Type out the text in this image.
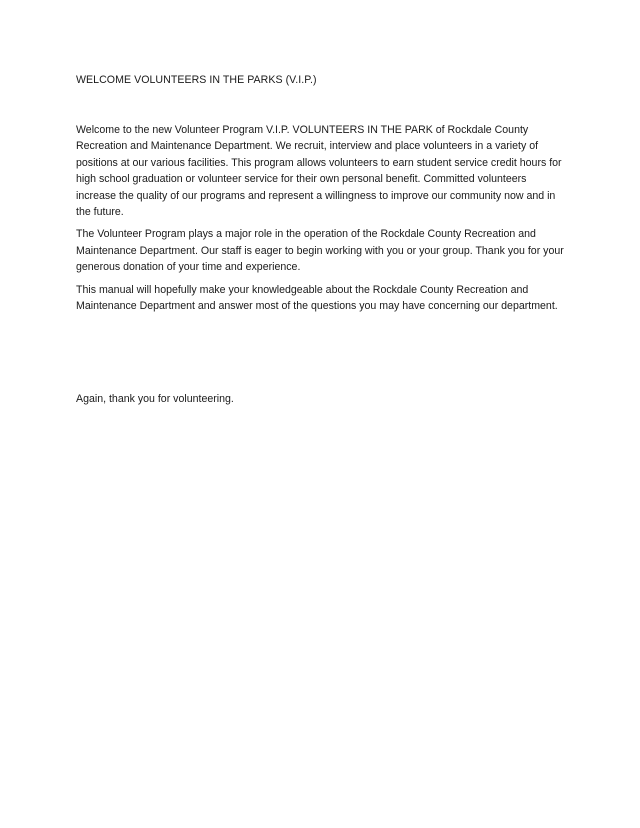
WELCOME VOLUNTEERS IN THE PARKS (V.I.P.)

Welcome to the new Volunteer Program V.I.P. VOLUNTEERS IN THE PARK of Rockdale County Recreation and Maintenance Department. We recruit, interview and place volunteers in a variety of positions at our various facilities. This program allows volunteers to earn student service credit hours for high school graduation or volunteer service for their own personal benefit. Committed volunteers increase the quality of our programs and represent a willingness to improve our community now and in the future.

The Volunteer Program plays a major role in the operation of the Rockdale County Recreation and Maintenance Department. Our staff is eager to begin working with you or your group. Thank you for your generous donation of your time and experience.

This manual will hopefully make your knowledgeable about the Rockdale County Recreation and Maintenance Department and answer most of the questions you may have concerning our department.

Again, thank you for volunteering.
